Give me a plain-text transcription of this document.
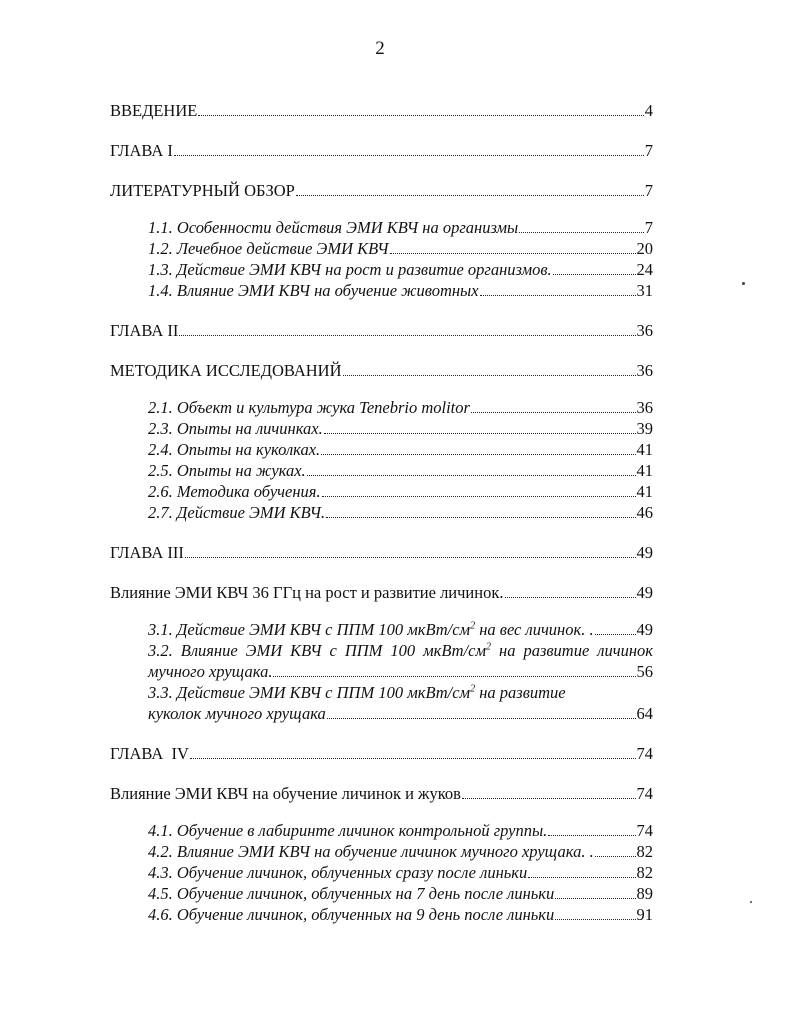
2
ВВЕДЕНИЕ	4
ГЛАВА I	7
ЛИТЕРАТУРНЫЙ ОБЗОР	7
1.1. Особенности действия ЭМИ КВЧ на организмы	7
1.2. Лечебное действие ЭМИ КВЧ	20
1.3. Действие ЭМИ КВЧ на рост и развитие организмов.	24
1.4. Влияние ЭМИ КВЧ на обучение животных	31
ГЛАВА II	36
МЕТОДИКА ИССЛЕДОВАНИЙ	36
2.1. Объект и культура жука Tenebrio molitor	36
2.3. Опыты на личинках.	39
2.4. Опыты на куколках.	41
2.5. Опыты на жуках.	41
2.6. Методика обучения.	41
2.7. Действие ЭМИ КВЧ.	46
ГЛАВА III	49
Влияние ЭМИ КВЧ 36 ГГц на рост и развитие личинок.	49
3.1. Действие ЭМИ КВЧ с ППМ 100 мкВт/$см^2$ на вес личинок. .	49
3.2. Влияние ЭМИ КВЧ с ППМ 100 мкВт/$см^2$ на развитие личинок
мучного хрущака.	56
3.3. Действие ЭМИ КВЧ с ППМ 100 мкВт/$см^2$ на развитие
куколок мучного хрущака	64
ГЛАВА  IV	74
Влияние ЭМИ КВЧ на обучение личинок и жуков	74
4.1. Обучение в лабиринте личинок контрольной группы.	74
4.2. Влияние ЭМИ КВЧ на обучение личинок мучного хрущака. .	82
4.3. Обучение личинок, облученных сразу после линьки	82
4.5. Обучение личинок, облученных на 7 день после линьки	89
4.6. Обучение личинок, облученных на 9 день после линьки	91
